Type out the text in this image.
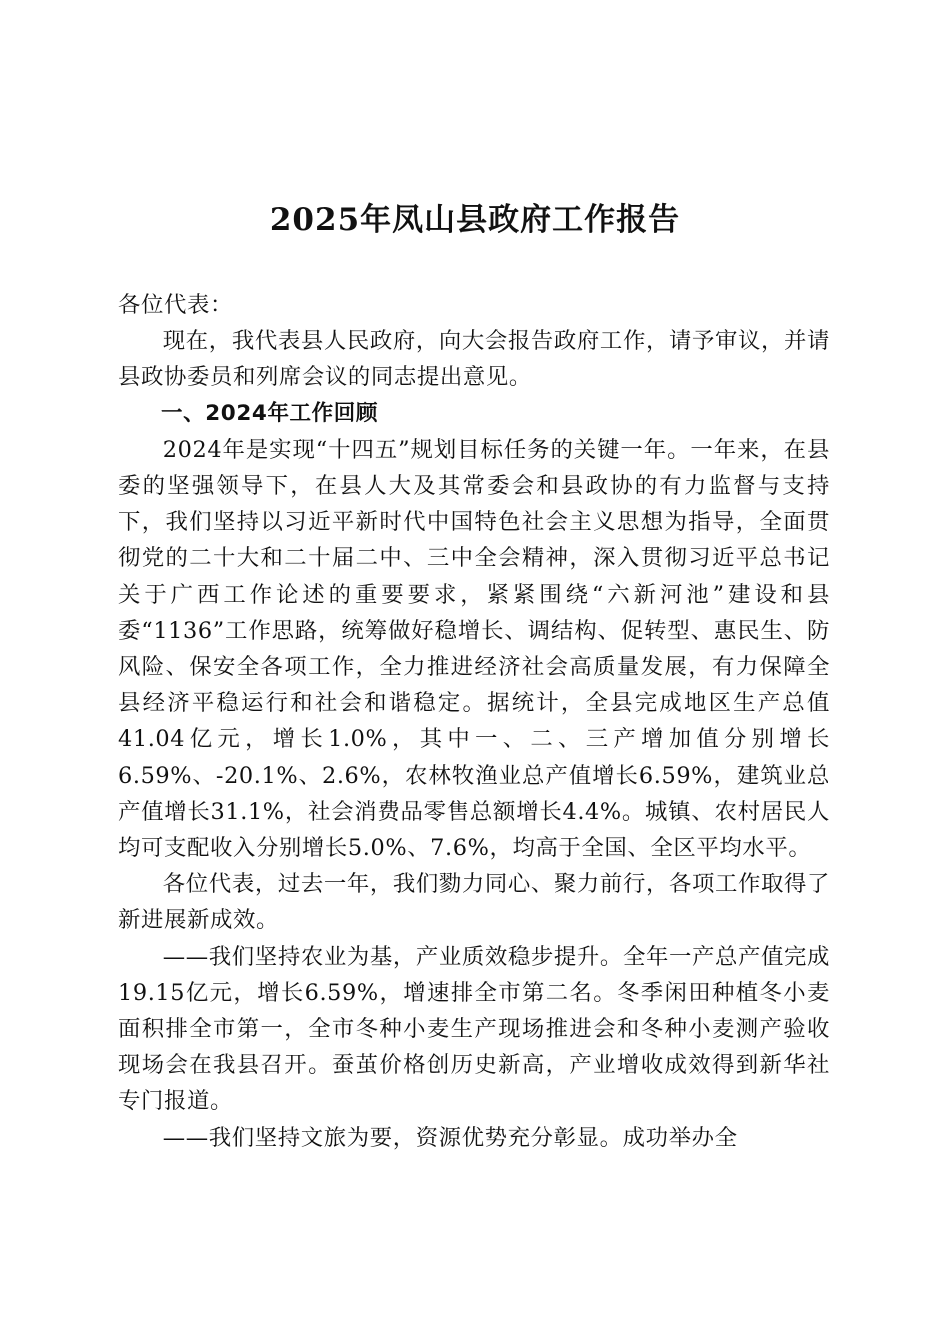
2025年凤山县政府工作报告

各位代表：

现在，我代表县人民政府，向大会报告政府工作，请予审议，并请县政协委员和列席会议的同志提出意见。

一、2024年工作回顾

2024年是实现“十四五”规划目标任务的关键一年。一年来，在县委的坚强领导下，在县人大及其常委会和县政协的有力监督与支持下，我们坚持以习近平新时代中国特色社会主义思想为指导，全面贯彻党的二十大和二十届二中、三中全会精神，深入贯彻习近平总书记关于广西工作论述的重要要求，紧紧围绕“六新河池”建设和县委“1136”工作思路，统筹做好稳增长、调结构、促转型、惠民生、防风险、保安全各项工作，全力推进经济社会高质量发展，有力保障全县经济平稳运行和社会和谐稳定。据统计，全县完成地区生产总值41.04亿元，增长1.0%，其中一、二、三产增加值分别增长6.59%、-20.1%、2.6%，农林牧渔业总产值增长6.59%，建筑业总产值增长31.1%，社会消费品零售总额增长4.4%。城镇、农村居民人均可支配收入分别增长5.0%、7.6%，均高于全国、全区平均水平。

各位代表，过去一年，我们勠力同心、聚力前行，各项工作取得了新进展新成效。

——我们坚持农业为基，产业质效稳步提升。全年一产总产值完成19.15亿元，增长6.59%，增速排全市第二名。冬季闲田种植冬小麦面积排全市第一，全市冬种小麦生产现场推进会和冬种小麦测产验收现场会在我县召开。蚕茧价格创历史新高，产业增收成效得到新华社专门报道。

——我们坚持文旅为要，资源优势充分彰显。成功举办全
